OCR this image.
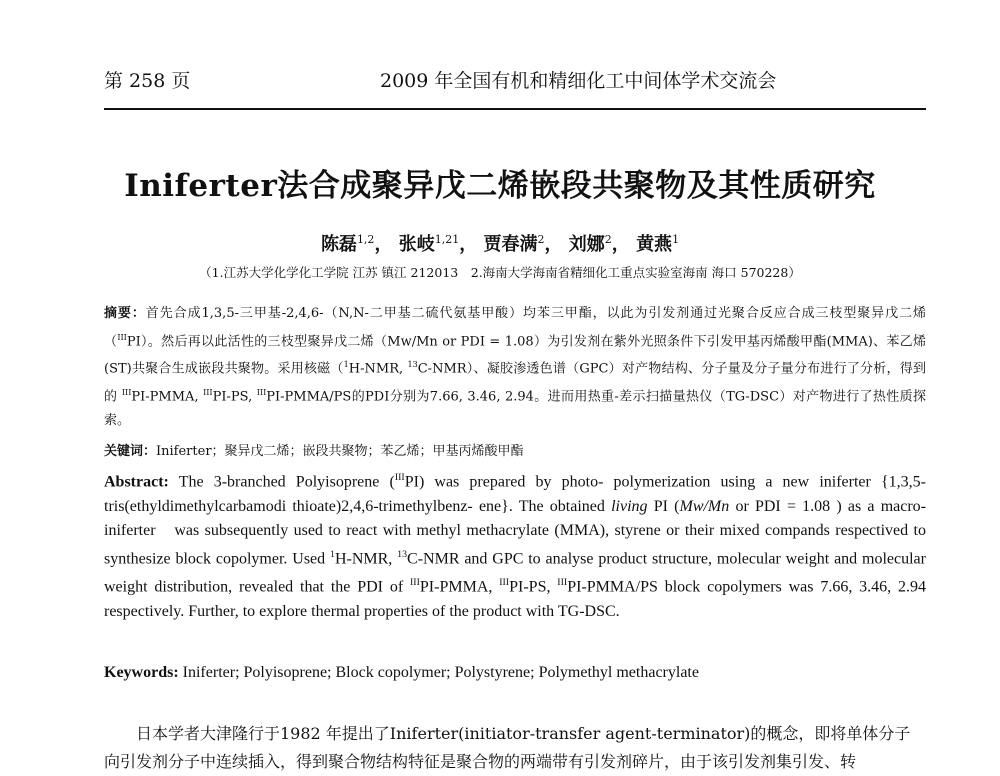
第 258 页	2009 年全国有机和精细化工中间体学术交流会
Iniferter法合成聚异戊二烯嵌段共聚物及其性质研究
陈磊$^{1,2}$， 张岐$^{1,21}$， 贾春满$^2$， 刘娜$^2$， 黄燕$^1$
（1.江苏大学化学化工学院 江苏 镇江 212013　2.海南大学海南省精细化工重点实验室海南 海口 570228）
摘要：首先合成1,3,5-三甲基-2,4,6-（N,N-二甲基二硫代氨基甲酸）均苯三甲酯，以此为引发剂通过光聚合反应合成三枝型聚异戊二烯（$^{III}$PI）。然后再以此活性的三枝型聚异戊二烯（Mw/Mn or PDI = 1.08）为引发剂在紫外光照条件下引发甲基丙烯酸甲酯(MMA)、苯乙烯(ST)共聚合生成嵌段共聚物。采用核磁（$^1$H-NMR, $^{13}$C-NMR）、凝胶渗透色谱（GPC）对产物结构、分子量及分子量分布进行了分析，得到的 $^{III}$PI-PMMA, $^{III}$PI-PS, $^{III}$PI-PMMA/PS的PDI分别为7.66, 3.46, 2.94。进而用热重-差示扫描量热仪（TG-DSC）对产物进行了热性质探索。
关键词：Iniferter；聚异戊二烯；嵌段共聚物；苯乙烯；甲基丙烯酸甲酯
Abstract: The 3-branched Polyisoprene ($^{III}$PI) was prepared by photo- polymerization using a new iniferter {1,3,5-tris(ethyldimethylcarbamodi thioate)2,4,6-trimethylbenz- ene}. The obtained living PI (Mw/Mn or PDI = 1.08 ) as a macro-iniferter　was subsequently used to react with methyl methacrylate (MMA), styrene or their mixed compands respectived to synthesize block copolymer. Used $^1$H-NMR, $^{13}$C-NMR and GPC to analyse product structure, molecular weight and molecular weight distribution, revealed that the PDI of $^{III}$PI-PMMA, $^{III}$PI-PS, $^{III}$PI-PMMA/PS block copolymers was 7.66, 3.46, 2.94 respectively. Further, to explore thermal properties of the product with TG-DSC.
Keywords: Iniferter; Polyisoprene; Block copolymer; Polystyrene; Polymethyl methacrylate
日本学者大津隆行于1982 年提出了Iniferter(initiator-transfer agent-terminator)的概念，即将单体分子向引发剂分子中连续插入，得到聚合物结构特征是聚合物的两端带有引发剂碎片，由于该引发剂集引发、转
